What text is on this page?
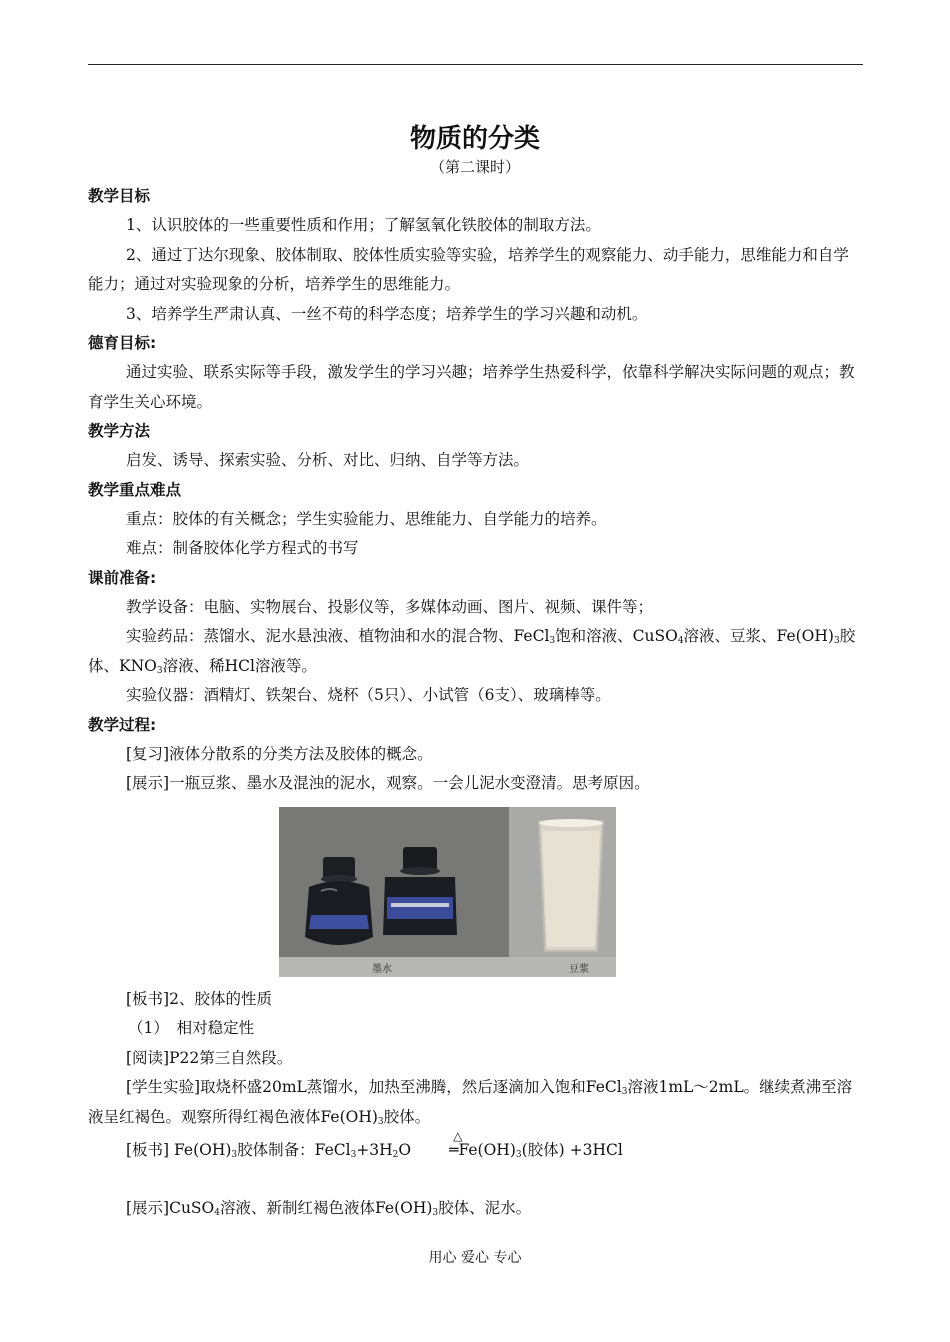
物质的分类
（第二课时）
教学目标
1、认识胶体的一些重要性质和作用；了解氢氧化铁胶体的制取方法。
2、通过丁达尔现象、胶体制取、胶体性质实验等实验，培养学生的观察能力、动手能力，思维能力和自学能力；通过对实验现象的分析，培养学生的思维能力。
3、培养学生严肃认真、一丝不苟的科学态度；培养学生的学习兴趣和动机。
德育目标:
通过实验、联系实际等手段，激发学生的学习兴趣；培养学生热爱科学，依靠科学解决实际问题的观点；教育学生关心环境。
教学方法
启发、诱导、探索实验、分析、对比、归纳、自学等方法。
教学重点难点
重点：胶体的有关概念；学生实验能力、思维能力、自学能力的培养。
难点：制备胶体化学方程式的书写
课前准备:
教学设备：电脑、实物展台、投影仪等，多媒体动画、图片、视频、课件等；
实验药品：蒸馏水、泥水悬浊液、植物油和水的混合物、FeCl$_3$饱和溶液、CuSO$_4$溶液、豆浆、$Fe(OH)_3$胶体、$KNO_3$溶液、稀HCl溶液等。
实验仪器：酒精灯、铁架台、烧杯（5只）、小试管（6支）、玻璃棒等。
教学过程:
[复习]液体分散系的分类方法及胶体的概念。
[展示]一瓶豆浆、墨水及混浊的泥水，观察。一会儿泥水变澄清。思考原因。
墨水	豆浆
[板书]2、胶体的性质
（1）　相对稳定性
[阅读]P22第三自然段。
[学生实验]取烧杯盛20mL蒸馏水，加热至沸腾，然后逐滴加入饱和FeCl$_3$溶液1mL～2mL。继续煮沸至溶液呈红褐色。观察所得红褐色液体$Fe(OH)_3$胶体。
[板书] $Fe(OH)_3$胶体制备：$FeCl_3+3H_2O$
△
$═Fe(OH)_3$(胶体) +3HCl
[展示]CuSO$_4$溶液、新制红褐色液体$Fe(OH)_3$胶体、泥水。
用心 爱心 专心
